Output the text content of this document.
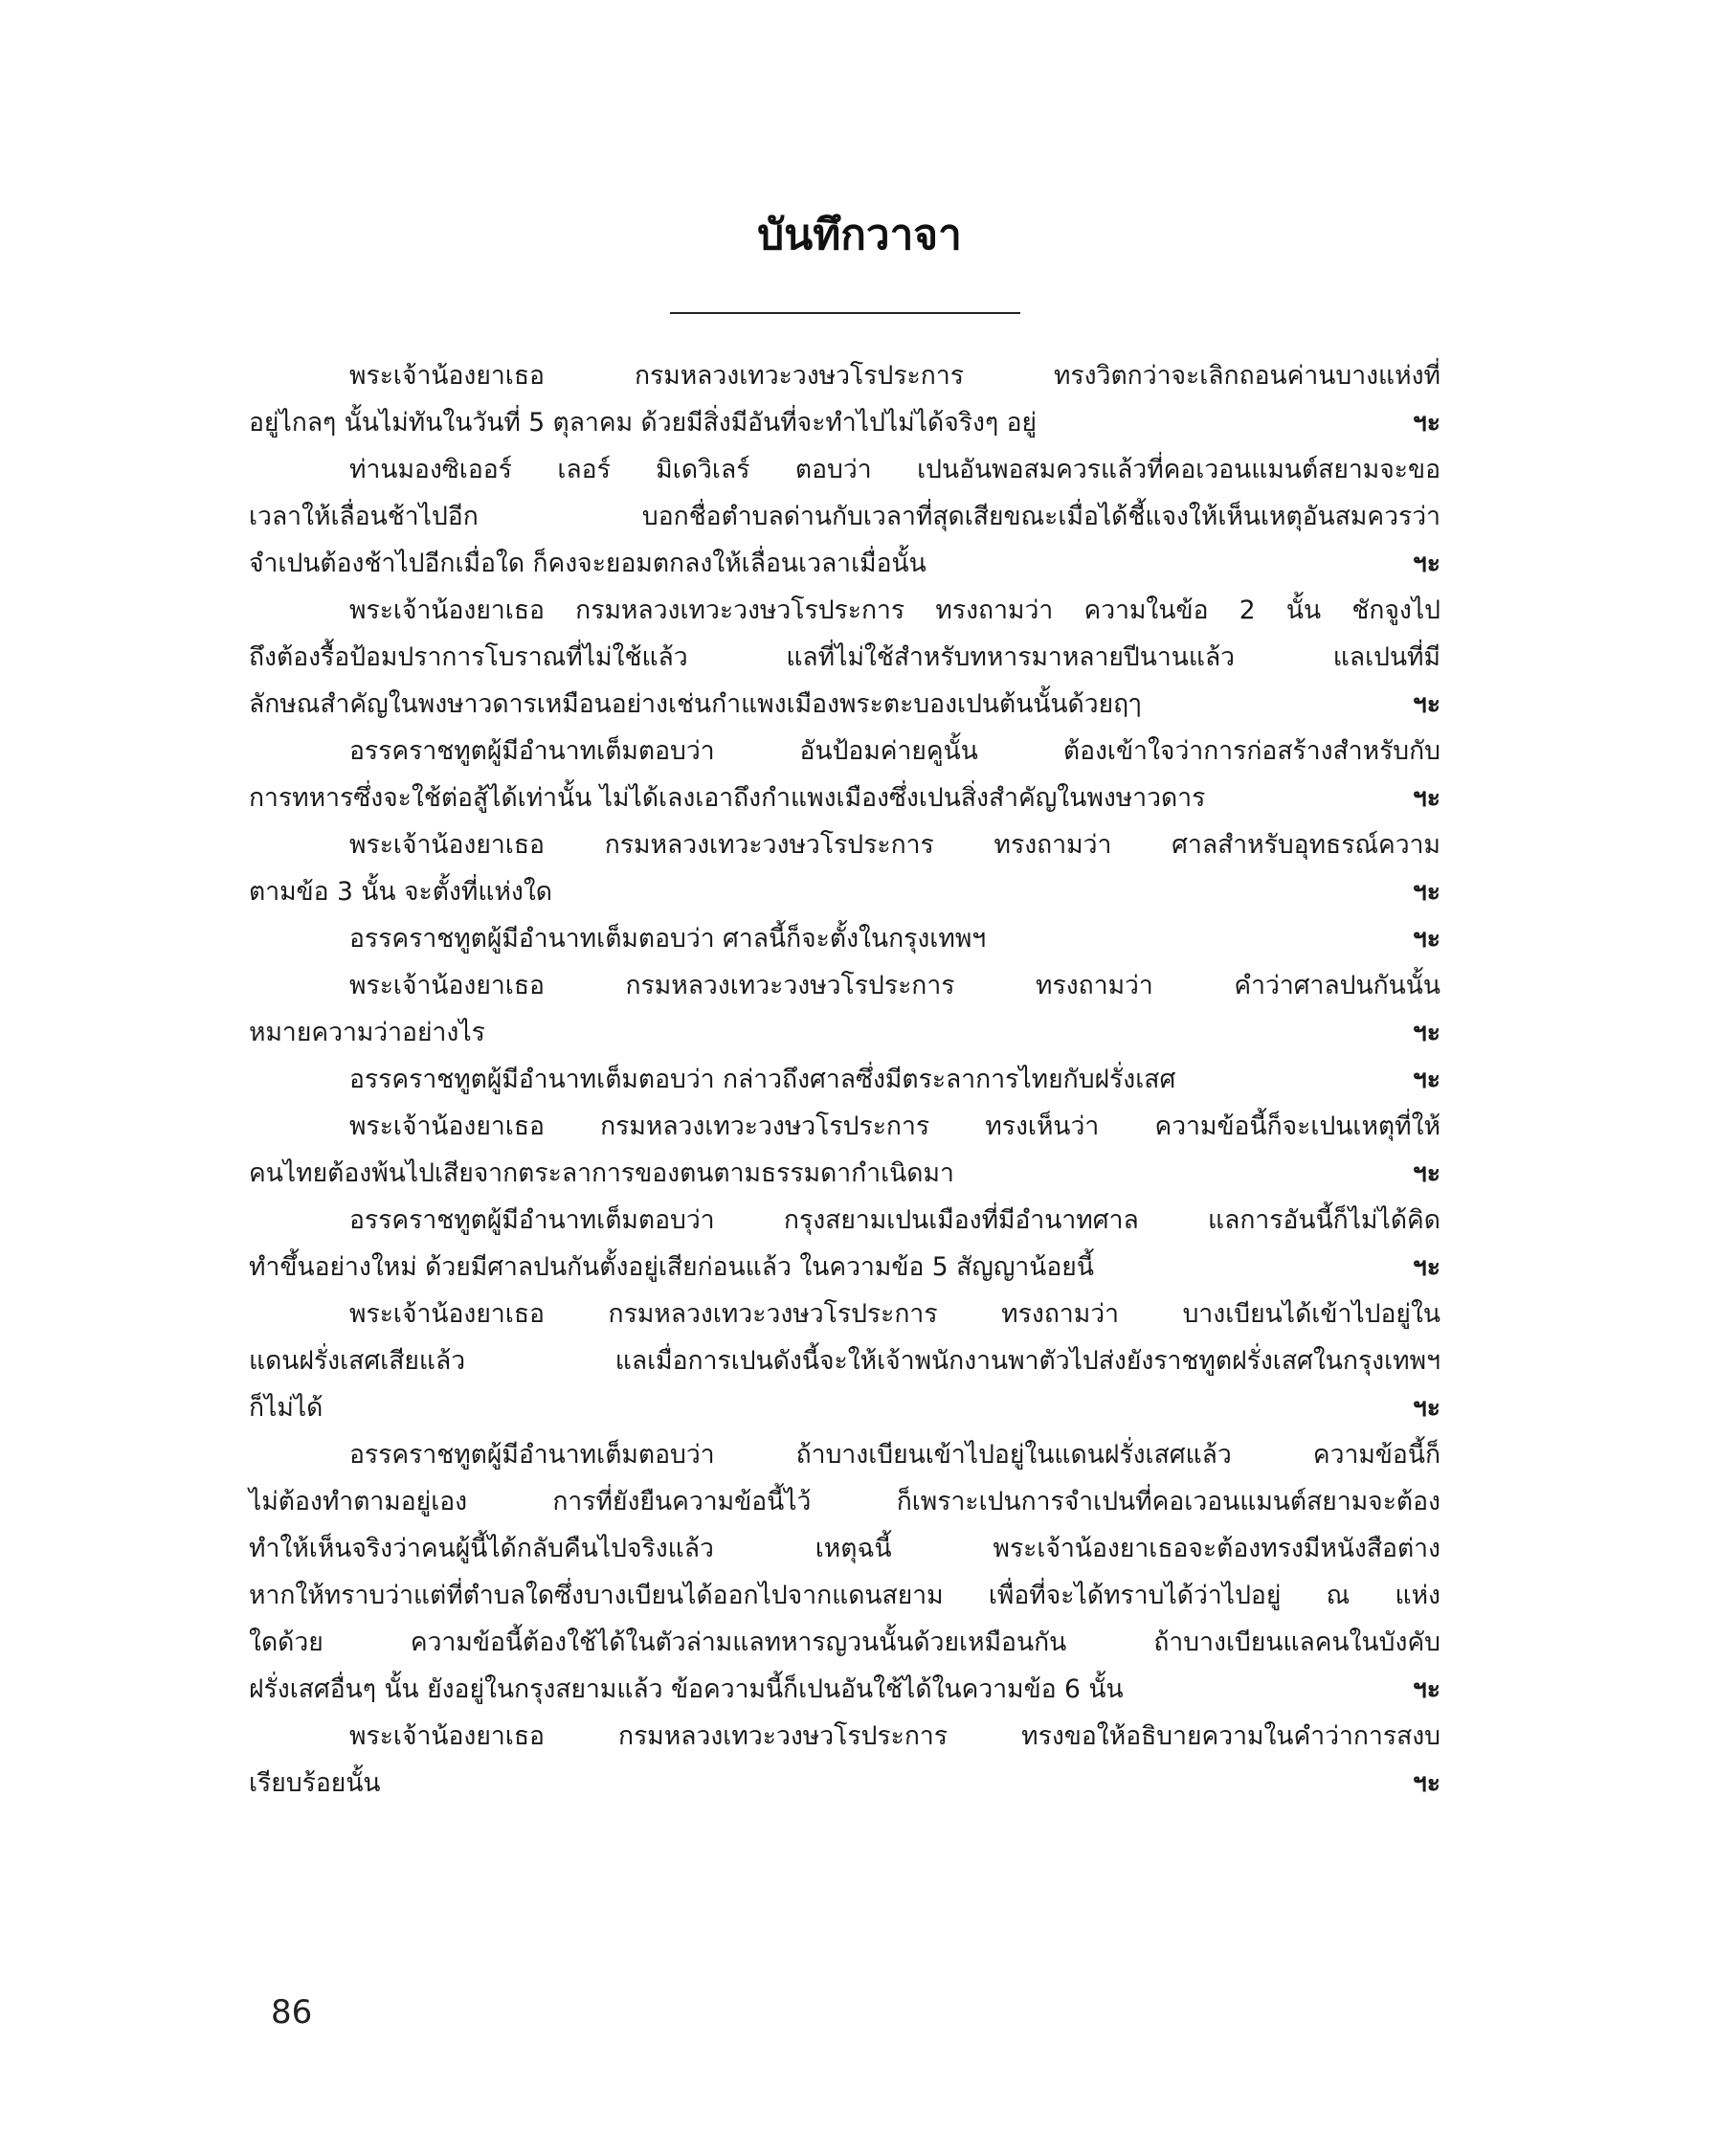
บันทึกวาจา
พระเจ้าน้องยาเธอ กรมหลวงเทวะวงษวโรประการ ทรงวิตกว่าจะเลิกถอนค่านบางแห่งที่
อยู่ไกลๆ นั้นไม่ทันในวันที่ 5 ตุลาคม ด้วยมีสิ่งมีอันที่จะทำไปไม่ได้จริงๆ อยู่	ฯะ
ท่านมองซิเออร์ เลอร์ มิเดวิเลร์ ตอบว่า เปนอันพอสมควรแล้วที่คอเวอนแมนต์สยามจะขอ
เวลาให้เลื่อนช้าไปอีก บอกชื่อตำบลด่านกับเวลาที่สุดเสียขณะเมื่อได้ชี้แจงให้เห็นเหตุอันสมควรว่า
จำเปนต้องช้าไปอีกเมื่อใด ก็คงจะยอมตกลงให้เลื่อนเวลาเมื่อนั้น	ฯะ
พระเจ้าน้องยาเธอ กรมหลวงเทวะวงษวโรประการ ทรงถามว่า ความในข้อ 2 นั้น ชักจูงไป
ถึงต้องรื้อป้อมปราการโบราณที่ไม่ใช้แล้ว แลที่ไม่ใช้สำหรับทหารมาหลายปีนานแล้ว แลเปนที่มี
ลักษณสำคัญในพงษาวดารเหมือนอย่างเช่นกำแพงเมืองพระตะบองเปนต้นนั้นด้วยฤๅ	ฯะ
อรรคราชทูตผู้มีอำนาทเต็มตอบว่า อันป้อมค่ายคูนั้น ต้องเข้าใจว่าการก่อสร้างสำหรับกับ
การทหารซึ่งจะใช้ต่อสู้ได้เท่านั้น ไม่ได้เลงเอาถึงกำแพงเมืองซึ่งเปนสิ่งสำคัญในพงษาวดาร	ฯะ
พระเจ้าน้องยาเธอ กรมหลวงเทวะวงษวโรประการ ทรงถามว่า ศาลสำหรับอุทธรณ์ความ
ตามข้อ 3 นั้น จะตั้งที่แห่งใด	ฯะ
อรรคราชทูตผู้มีอำนาทเต็มตอบว่า ศาลนี้ก็จะตั้งในกรุงเทพฯ	ฯะ
พระเจ้าน้องยาเธอ กรมหลวงเทวะวงษวโรประการ ทรงถามว่า คำว่าศาลปนกันนั้น
หมายความว่าอย่างไร	ฯะ
อรรคราชทูตผู้มีอำนาทเต็มตอบว่า กล่าวถึงศาลซึ่งมีตระลาการไทยกับฝรั่งเสศ	ฯะ
พระเจ้าน้องยาเธอ กรมหลวงเทวะวงษวโรประการ ทรงเห็นว่า ความข้อนี้ก็จะเปนเหตุที่ให้
คนไทยต้องพ้นไปเสียจากตระลาการของตนตามธรรมดากำเนิดมา	ฯะ
อรรคราชทูตผู้มีอำนาทเต็มตอบว่า กรุงสยามเปนเมืองที่มีอำนาทศาล แลการอันนี้ก็ไม่ได้คิด
ทำขึ้นอย่างใหม่ ด้วยมีศาลปนกันตั้งอยู่เสียก่อนแล้ว ในความข้อ 5 สัญญาน้อยนี้	ฯะ
พระเจ้าน้องยาเธอ กรมหลวงเทวะวงษวโรประการ ทรงถามว่า บางเบียนได้เข้าไปอยู่ใน
แดนฝรั่งเสศเสียแล้ว แลเมื่อการเปนดังนี้จะให้เจ้าพนักงานพาตัวไปส่งยังราชทูตฝรั่งเสศในกรุงเทพฯ
ก็ไม่ได้	ฯะ
อรรคราชทูตผู้มีอำนาทเต็มตอบว่า ถ้าบางเบียนเข้าไปอยู่ในแดนฝรั่งเสศแล้ว ความข้อนี้ก็
ไม่ต้องทำตามอยู่เอง การที่ยังยืนความข้อนี้ไว้ ก็เพราะเปนการจำเปนที่คอเวอนแมนต์สยามจะต้อง
ทำให้เห็นจริงว่าคนผู้นี้ได้กลับคืนไปจริงแล้ว เหตุฉนี้ พระเจ้าน้องยาเธอจะต้องทรงมีหนังสือต่าง
หากให้ทราบว่าแต่ที่ตำบลใดซึ่งบางเบียนได้ออกไปจากแดนสยาม เพื่อที่จะได้ทราบได้ว่าไปอยู่ ณ แห่ง
ใดด้วย ความข้อนี้ต้องใช้ได้ในตัวล่ามแลทหารญวนนั้นด้วยเหมือนกัน ถ้าบางเบียนแลคนในบังคับ
ฝรั่งเสศอื่นๆ นั้น ยังอยู่ในกรุงสยามแล้ว ข้อความนี้ก็เปนอันใช้ได้ในความข้อ 6 นั้น	ฯะ
พระเจ้าน้องยาเธอ กรมหลวงเทวะวงษวโรประการ ทรงขอให้อธิบายความในคำว่าการสงบ
เรียบร้อยนั้น	ฯะ
86
